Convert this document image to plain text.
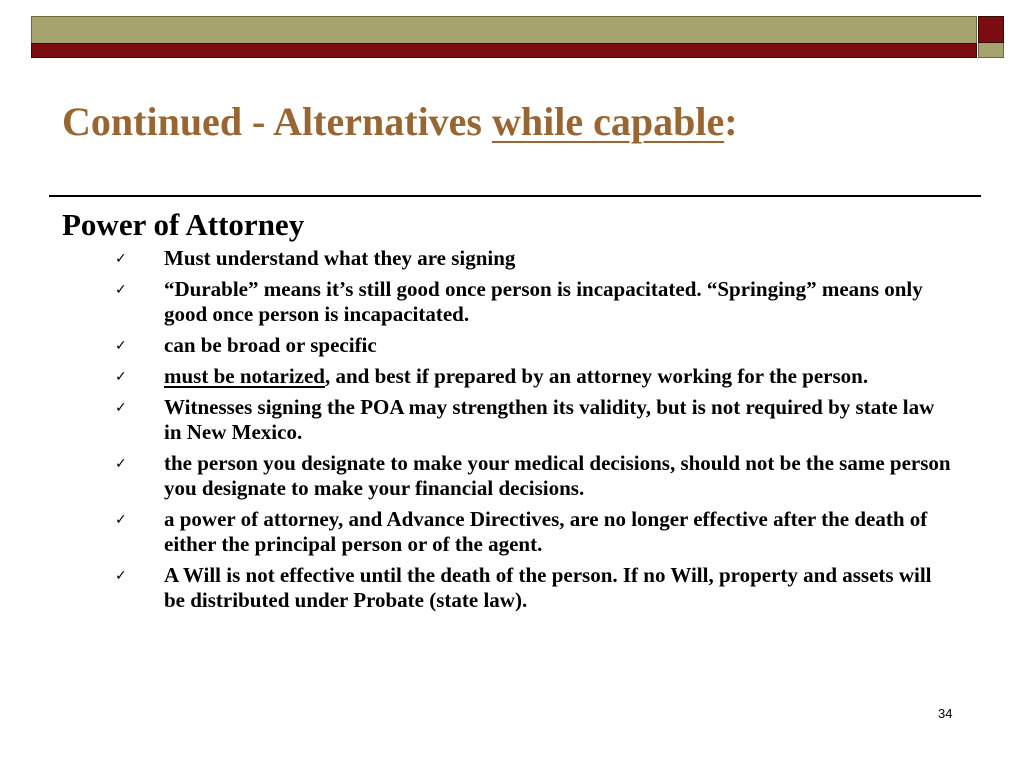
Continued - Alternatives while capable:
Power of Attorney
✓ Must understand what they are signing
✓ “Durable” means it’s still good once person is incapacitated. “Springing” means only good once person is incapacitated.
✓ can be broad or specific
✓ must be notarized, and best if prepared by an attorney working for the person.
✓ Witnesses signing the POA may strengthen its validity, but is not required by state law in New Mexico.
✓ the person you designate to make your medical decisions, should not be the same person you designate to make your financial decisions.
✓ a power of attorney, and Advance Directives, are no longer effective after the death of either the principal person or of the agent.
✓ A Will is not effective until the death of the person. If no Will, property and assets will be distributed under Probate (state law).
34
